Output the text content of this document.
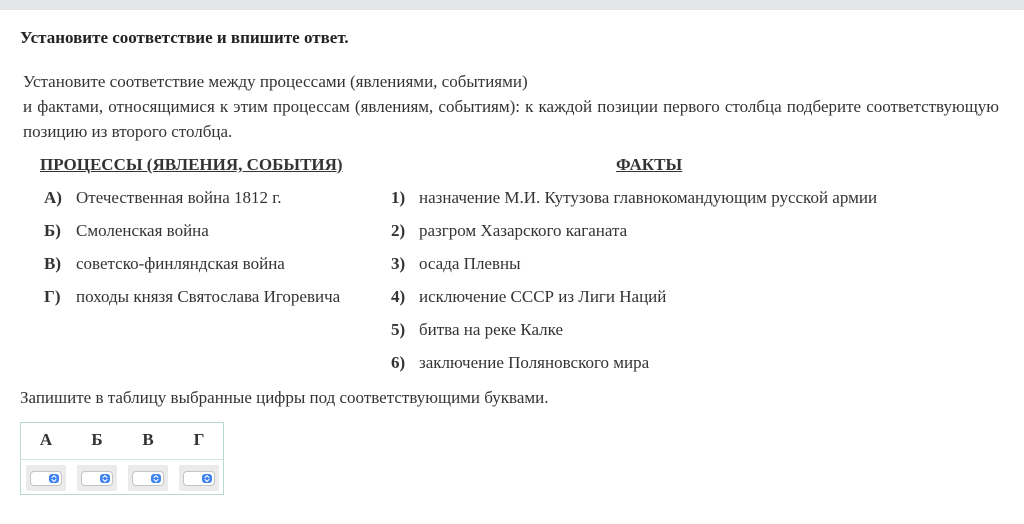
Установите соответствие и впишите ответ.
Установите соответствие между процессами (явлениями, событиями)
и фактами, относящимися к этим процессам (явлениям, событиям): к каждой позиции первого столбца подберите соответствующую позицию из второго столбца.
ПРОЦЕССЫ (ЯВЛЕНИЯ, СОБЫТИЯ)	ФАКТЫ
А) Отечественная война 1812 г.
Б) Смоленская война
В) советско-финляндская война
Г) походы князя Святослава Игоревича
1) назначение М.И. Кутузова главнокомандующим русской армии
2) разгром Хазарского каганата
3) осада Плевны
4) исключение СССР из Лиги Наций
5) битва на реке Калке
6) заключение Поляновского мира
Запишите в таблицу выбранные цифры под соответствующими буквами.
А	Б	В	Г
